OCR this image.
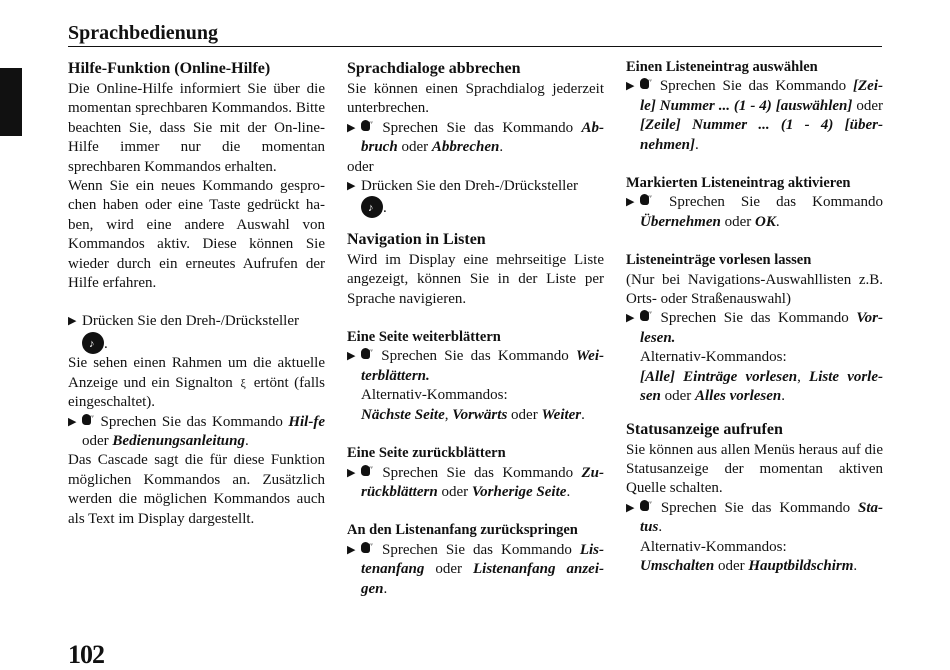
Sprachbedienung
Hilfe-Funktion (Online-Hilfe)

Die Online-Hilfe informiert Sie über die momentan sprechbaren Kommandos. Bitte beachten Sie, dass Sie mit der On-line-Hilfe immer nur die momentan sprechbaren Kommandos erhalten.

Wenn Sie ein neues Kommando gespro-chen haben oder eine Taste gedrückt ha-ben, wird eine andere Auswahl von Kommandos aktiv. Diese können Sie wieder durch ein erneutes Aufrufen der Hilfe erfahren.

▶ Drücken Sie den Dreh-/Drücksteller
♪.

Sie sehen einen Rahmen um die aktuelle Anzeige und ein Signalton ξ ertönt (falls eingeschaltet).

▶ ′′	Sprechen Sie das Kommando Hil-fe oder Bedienungsanleitung.

Das Cascade sagt die für diese Funktion möglichen Kommandos an. Zusätzlich werden die möglichen Kommandos auch als Text im Display dargestellt.

Sprachdialoge abbrechen

Sie können einen Sprachdialog jederzeit unterbrechen.

▶ ′′	Sprechen Sie das Kommando Ab-bruch oder Abbrechen.

oder

▶ Drücken Sie den Dreh-/Drücksteller
♪.
Navigation in Listen

Wird im Display eine mehrseitige Liste angezeigt, können Sie in der Liste per Sprache navigieren.

Eine Seite weiterblättern
▶ ′′	Sprechen Sie das Kommando Wei-terblättern.

Alternativ-Kommandos:

Nächste Seite, Vorwärts oder Weiter.

Eine Seite zurückblättern
▶ ′′	Sprechen Sie das Kommando Zu-rückblättern oder Vorherige Seite.
An den Listenanfang zurückspringen
▶ ′′	Sprechen Sie das Kommando Lis-tenanfang oder Listenanfang anzei-gen.
Einen Listeneintrag auswählen
▶ ′′	Sprechen Sie das Kommando [Zei-le] Nummer ... (1 - 4) [auswählen] oder [Zeile] Nummer ... (1 - 4) [über-nehmen].
Markierten Listeneintrag aktivieren
▶ ′′	Sprechen Sie das Kommando Übernehmen oder OK.
Listeneinträge vorlesen lassen

(Nur bei Navigations-Auswahllisten z.B. Orts- oder Straßenauswahl)

▶ ′′	Sprechen Sie das Kommando Vor-lesen.

Alternativ-Kommandos:

[Alle] Einträge vorlesen, Liste vorle-sen oder Alles vorlesen.

Statusanzeige aufrufen

Sie können aus allen Menüs heraus auf die Statusanzeige der momentan aktiven Quelle schalten.

▶ ′′	Sprechen Sie das Kommando Sta-tus.

Alternativ-Kommandos:

Umschalten oder Hauptbildschirm.

102
